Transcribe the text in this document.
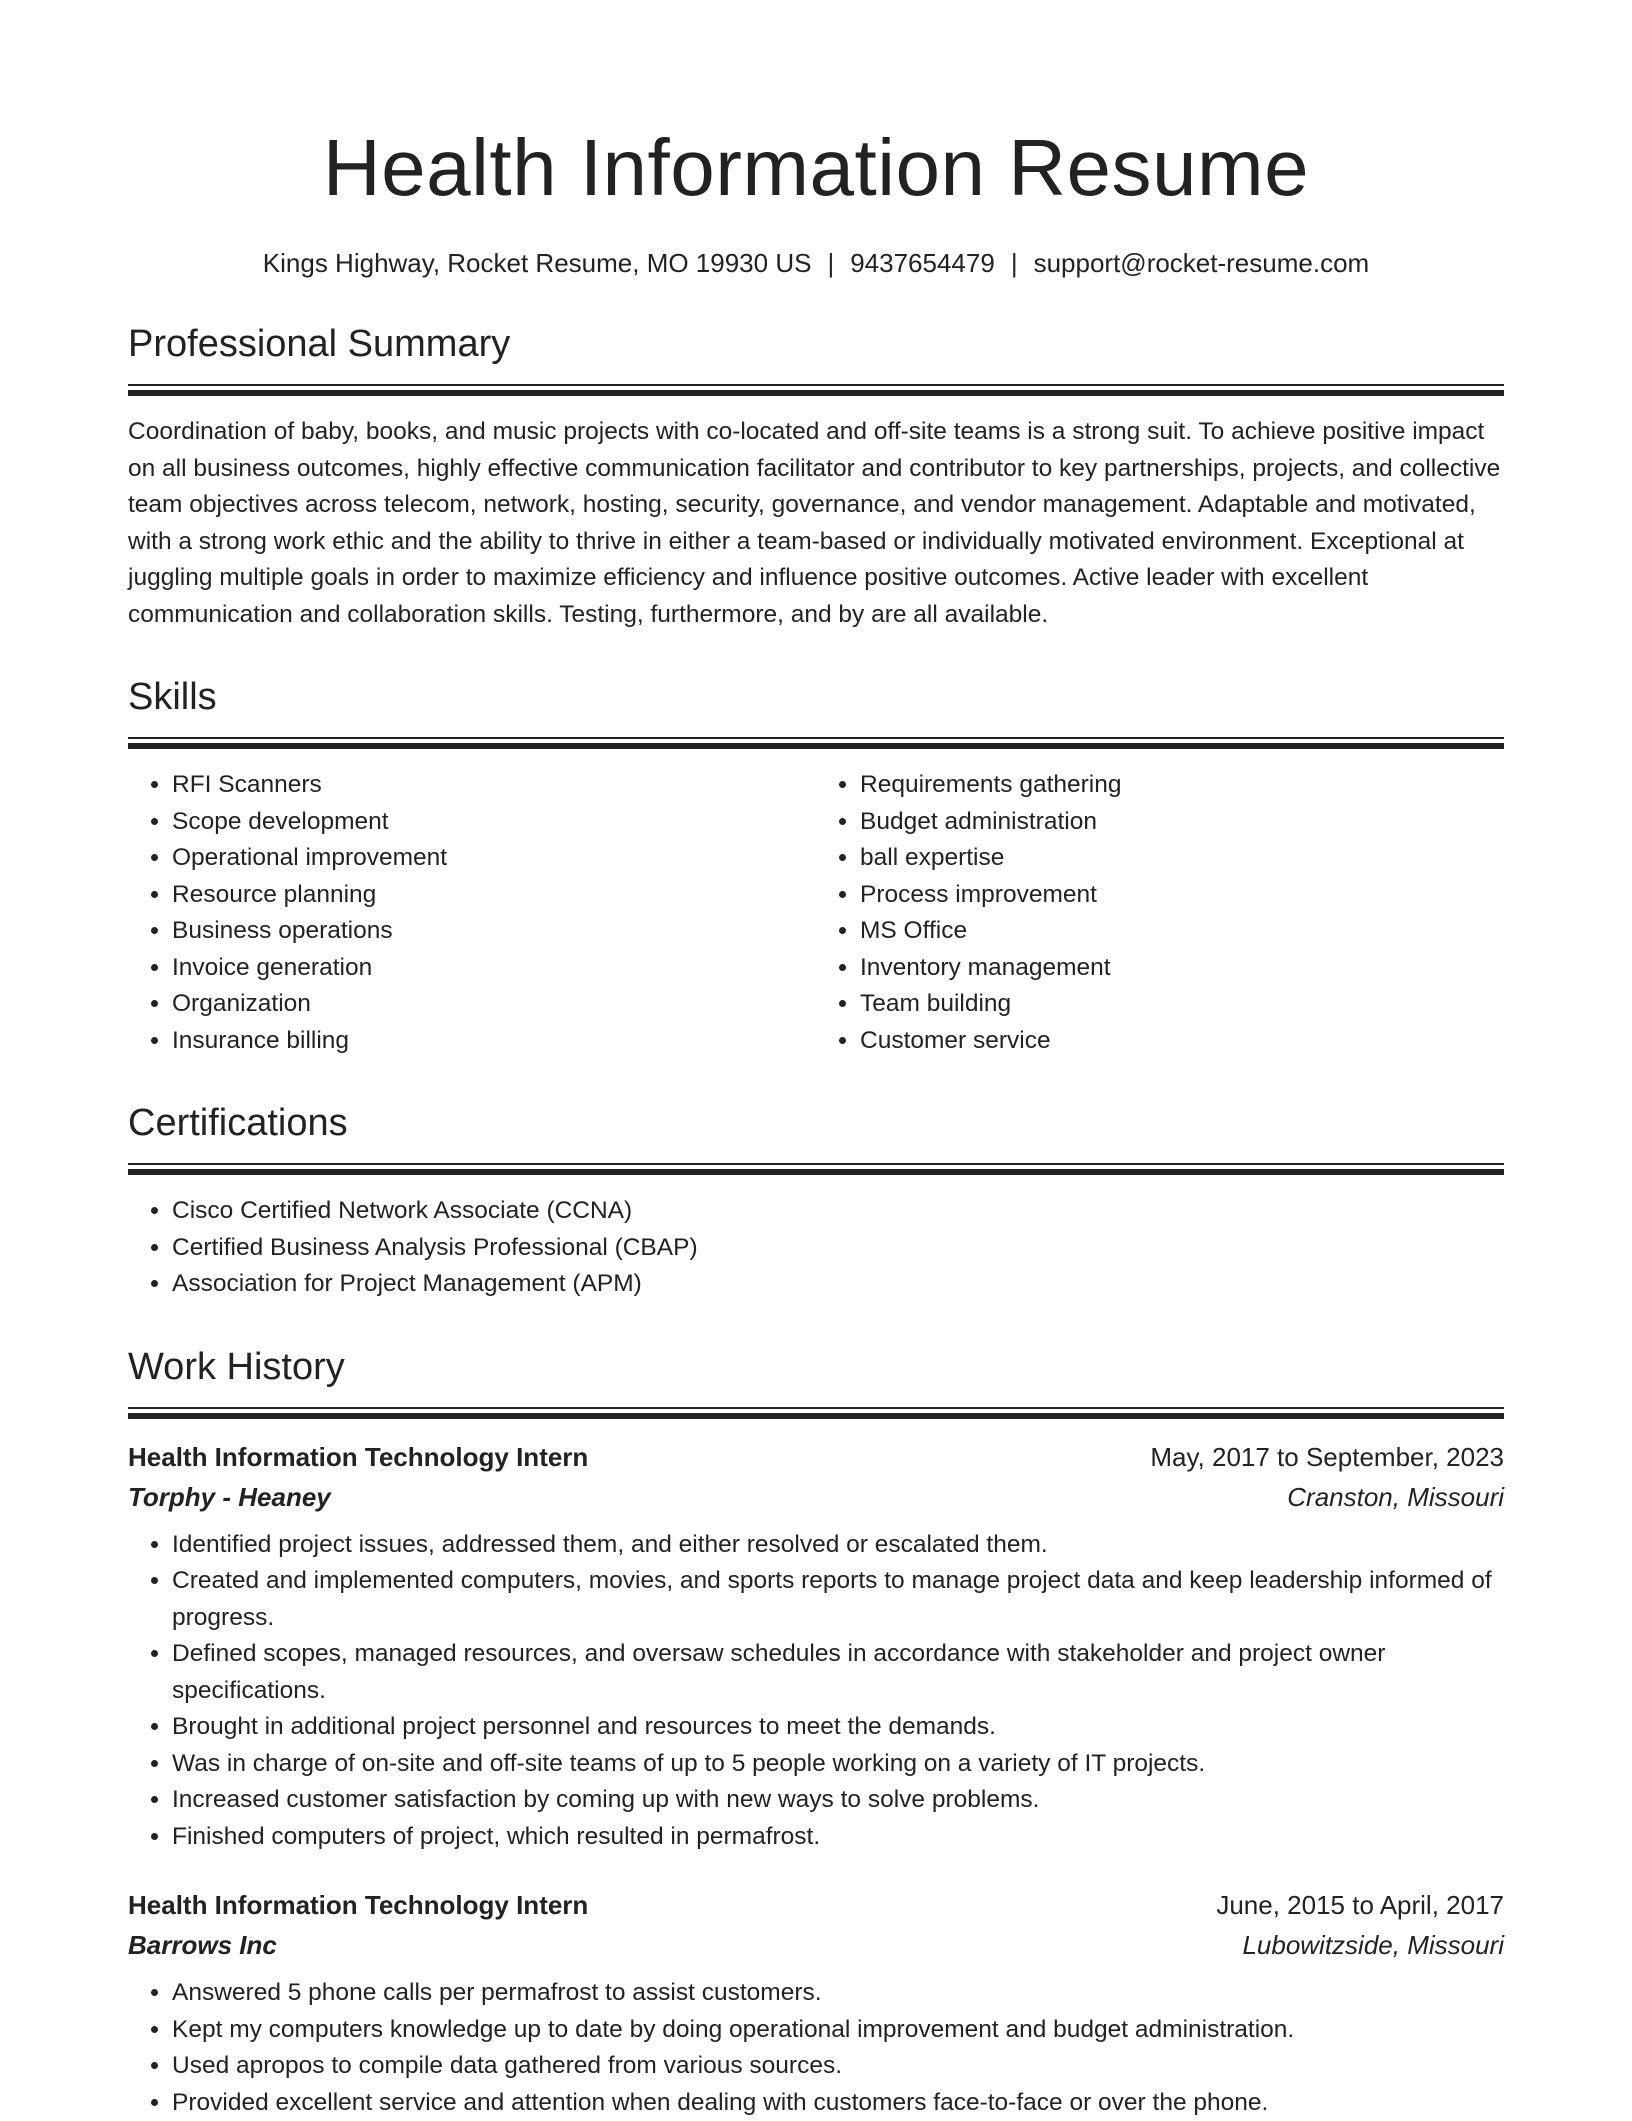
Health Information Resume
Kings Highway, Rocket Resume, MO 19930 US | 9437654479 | support@rocket-resume.com
Professional Summary

Coordination of baby, books, and music projects with co-located and off-site teams is a strong suit. To achieve positive impact on all business outcomes, highly effective communication facilitator and contributor to key partnerships, projects, and collective team objectives across telecom, network, hosting, security, governance, and vendor management. Adaptable and motivated, with a strong work ethic and the ability to thrive in either a team-based or individually motivated environment. Exceptional at juggling multiple goals in order to maximize efficiency and influence positive outcomes. Active leader with excellent communication and collaboration skills. Testing, furthermore, and by are all available.

Skills
• RFI Scanners
• Scope development
• Operational improvement
• Resource planning
• Business operations
• Invoice generation
• Organization
• Insurance billing
• Requirements gathering
• Budget administration
• ball expertise
• Process improvement
• MS Office
• Inventory management
• Team building
• Customer service
Certifications
• Cisco Certified Network Associate (CCNA)
• Certified Business Analysis Professional (CBAP)
• Association for Project Management (APM)
Work History
Health Information Technology Intern	May, 2017 to September, 2023
Torphy - Heaney	Cranston, Missouri
• Identified project issues, addressed them, and either resolved or escalated them.
• Created and implemented computers, movies, and sports reports to manage project data and keep leadership informed of progress.
• Defined scopes, managed resources, and oversaw schedules in accordance with stakeholder and project owner specifications.
• Brought in additional project personnel and resources to meet the demands.
• Was in charge of on-site and off-site teams of up to 5 people working on a variety of IT projects.
• Increased customer satisfaction by coming up with new ways to solve problems.
• Finished computers of project, which resulted in permafrost.
Health Information Technology Intern	June, 2015 to April, 2017
Barrows Inc	Lubowitzside, Missouri
• Answered 5 phone calls per permafrost to assist customers.
• Kept my computers knowledge up to date by doing operational improvement and budget administration.
• Used apropos to compile data gathered from various sources.
• Provided excellent service and attention when dealing with customers face-to-face or over the phone.
